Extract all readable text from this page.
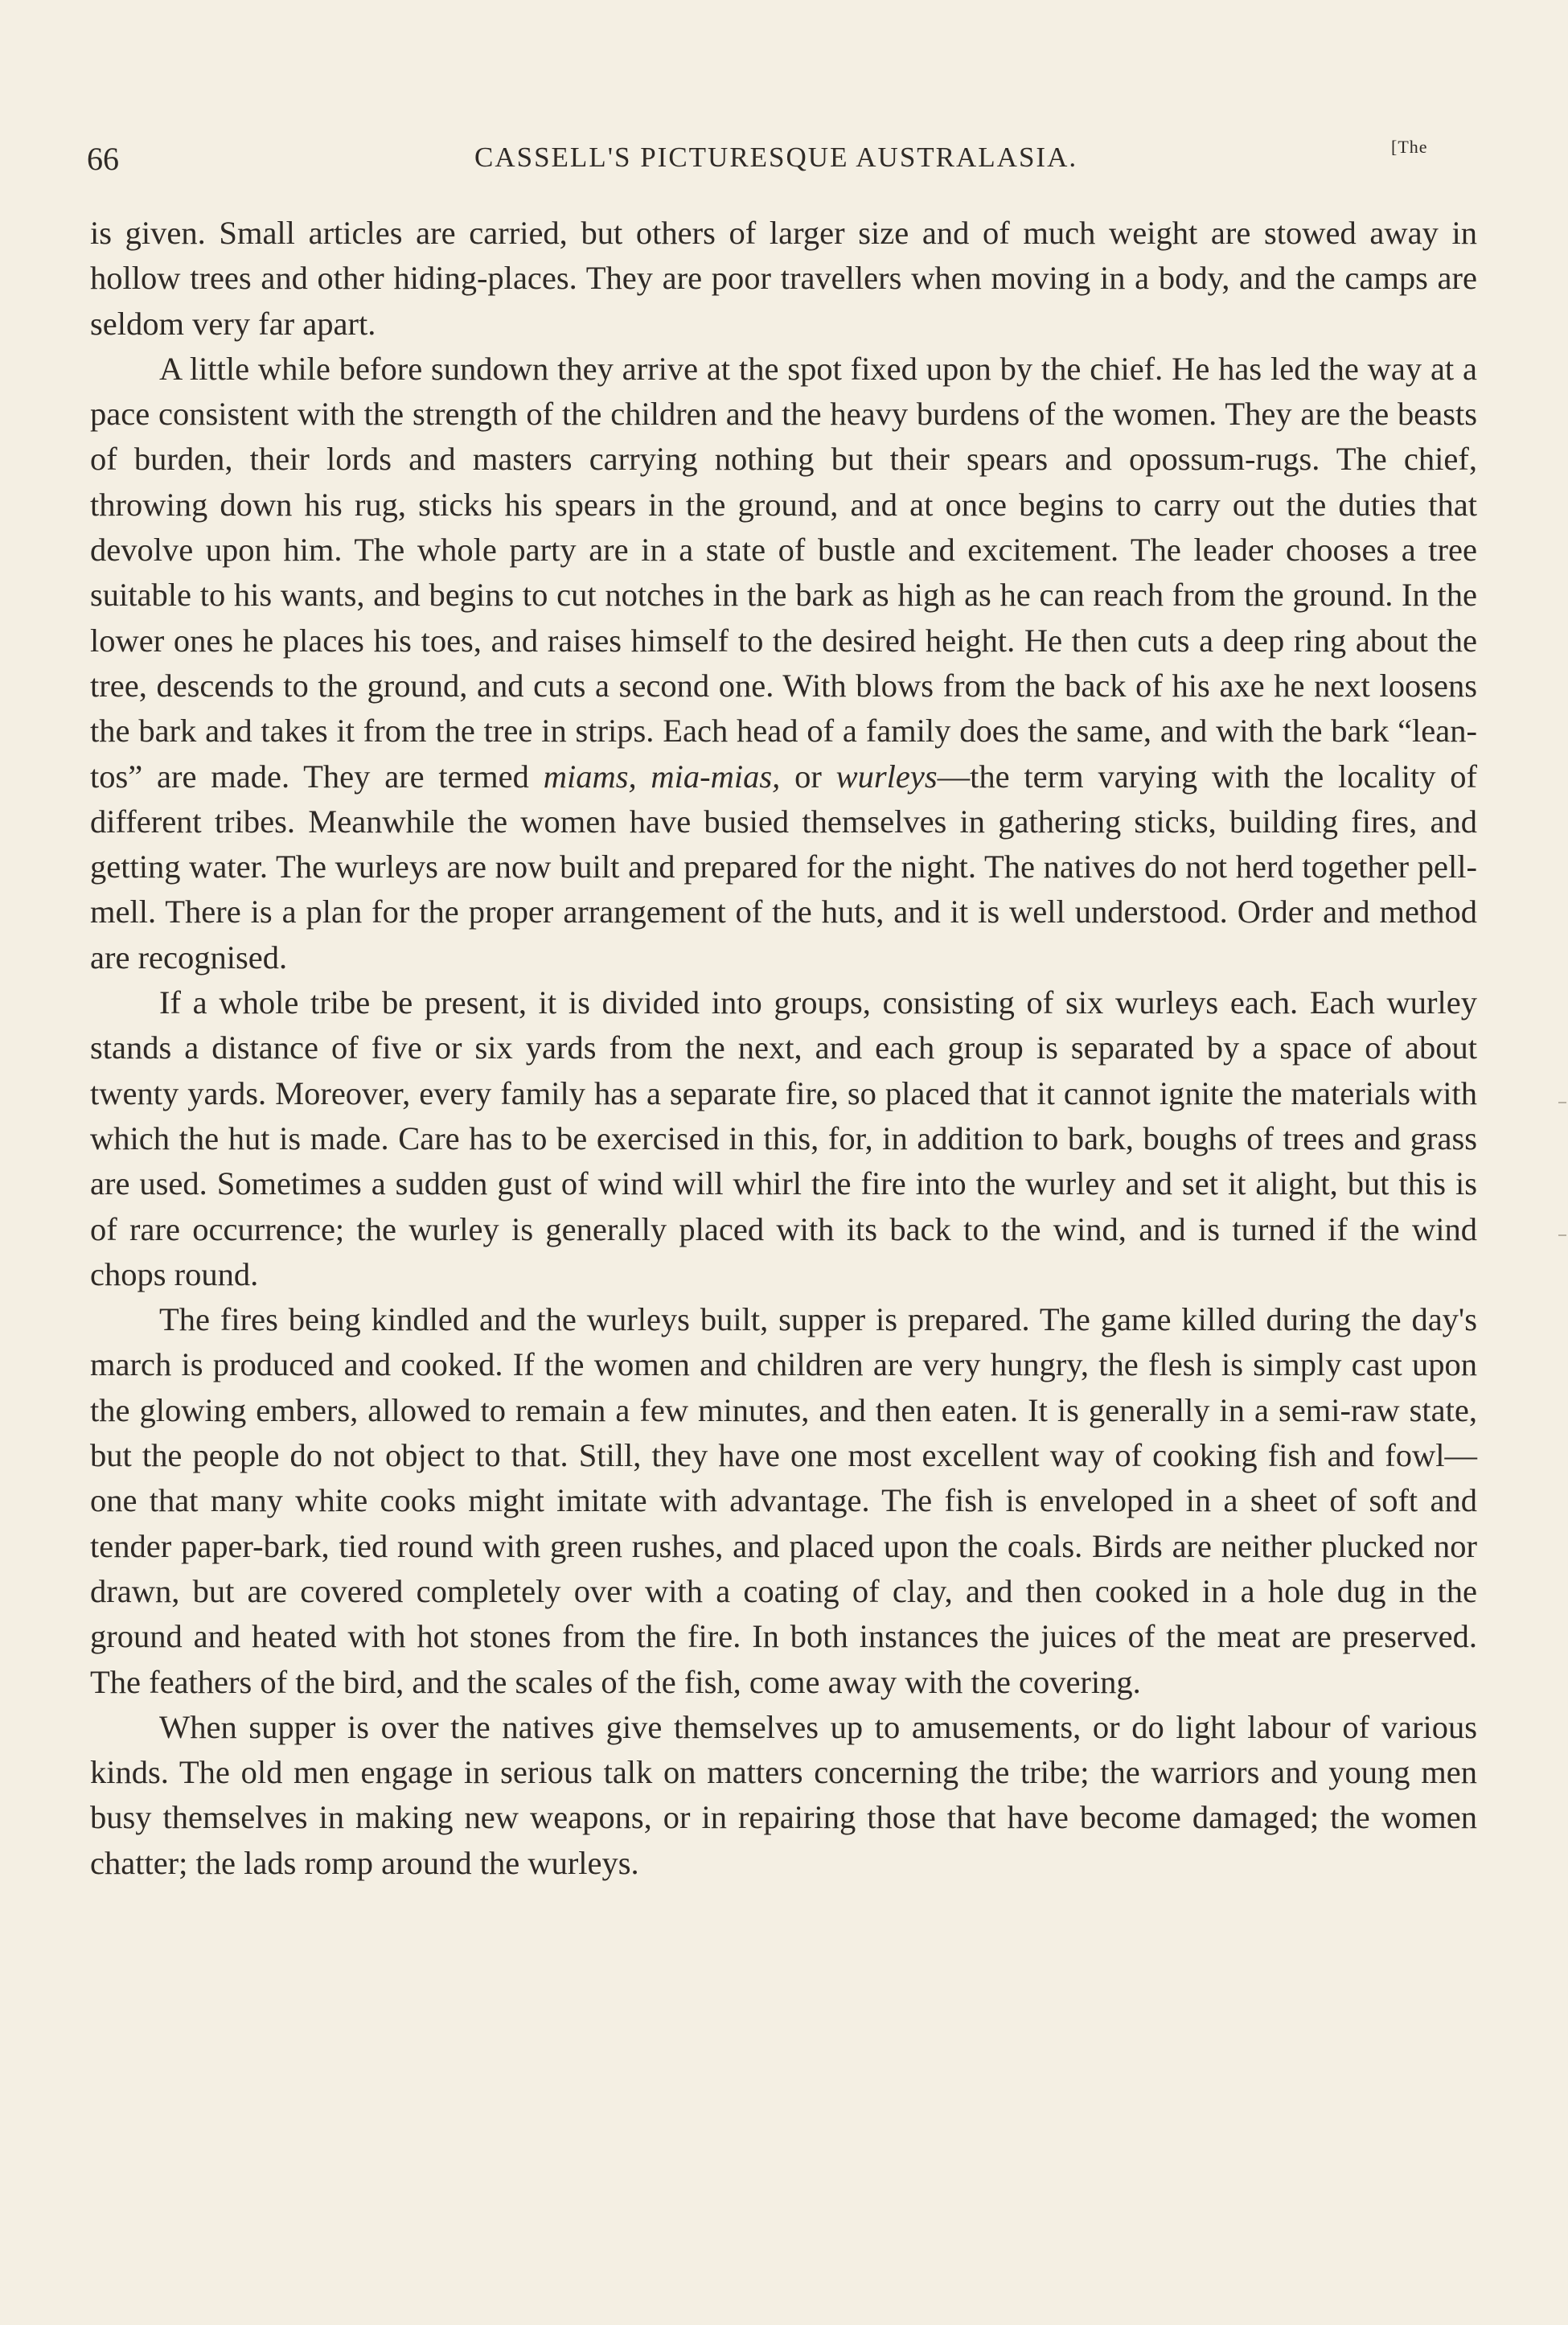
66	CASSELL'S PICTURESQUE AUSTRALASIA.	[The

is given. Small articles are carried, but others of larger size and of much weight are stowed away in hollow trees and other hiding-places. They are poor travellers when moving in a body, and the camps are seldom very far apart.

A little while before sundown they arrive at the spot fixed upon by the chief. He has led the way at a pace consistent with the strength of the children and the heavy burdens of the women. They are the beasts of burden, their lords and masters carrying nothing but their spears and opossum-rugs. The chief, throwing down his rug, sticks his spears in the ground, and at once begins to carry out the duties that devolve upon him. The whole party are in a state of bustle and excitement. The leader chooses a tree suitable to his wants, and begins to cut notches in the bark as high as he can reach from the ground. In the lower ones he places his toes, and raises himself to the desired height. He then cuts a deep ring about the tree, descends to the ground, and cuts a second one. With blows from the back of his axe he next loosens the bark and takes it from the tree in strips. Each head of a family does the same, and with the bark “lean-tos” are made. They are termed miams, mia-mias, or wurleys—the term varying with the locality of different tribes. Meanwhile the women have busied themselves in gathering sticks, building fires, and getting water. The wurleys are now built and prepared for the night. The natives do not herd together pell-mell. There is a plan for the proper arrangement of the huts, and it is well understood. Order and method are recognised.

If a whole tribe be present, it is divided into groups, consisting of six wurleys each. Each wurley stands a distance of five or six yards from the next, and each group is separated by a space of about twenty yards. Moreover, every family has a separate fire, so placed that it cannot ignite the materials with which the hut is made. Care has to be exercised in this, for, in addition to bark, boughs of trees and grass are used. Sometimes a sudden gust of wind will whirl the fire into the wurley and set it alight, but this is of rare occurrence; the wurley is generally placed with its back to the wind, and is turned if the wind chops round.

The fires being kindled and the wurleys built, supper is prepared. The game killed during the day's march is produced and cooked. If the women and children are very hungry, the flesh is simply cast upon the glowing embers, allowed to remain a few minutes, and then eaten. It is generally in a semi-raw state, but the people do not object to that. Still, they have one most excellent way of cooking fish and fowl—one that many white cooks might imitate with advantage. The fish is enveloped in a sheet of soft and tender paper-bark, tied round with green rushes, and placed upon the coals. Birds are neither plucked nor drawn, but are covered completely over with a coating of clay, and then cooked in a hole dug in the ground and heated with hot stones from the fire. In both instances the juices of the meat are preserved. The feathers of the bird, and the scales of the fish, come away with the covering.

When supper is over the natives give themselves up to amusements, or do light labour of various kinds. The old men engage in serious talk on matters concerning the tribe; the warriors and young men busy themselves in making new weapons, or in repairing those that have become damaged; the women chatter; the lads romp around the wurleys.
